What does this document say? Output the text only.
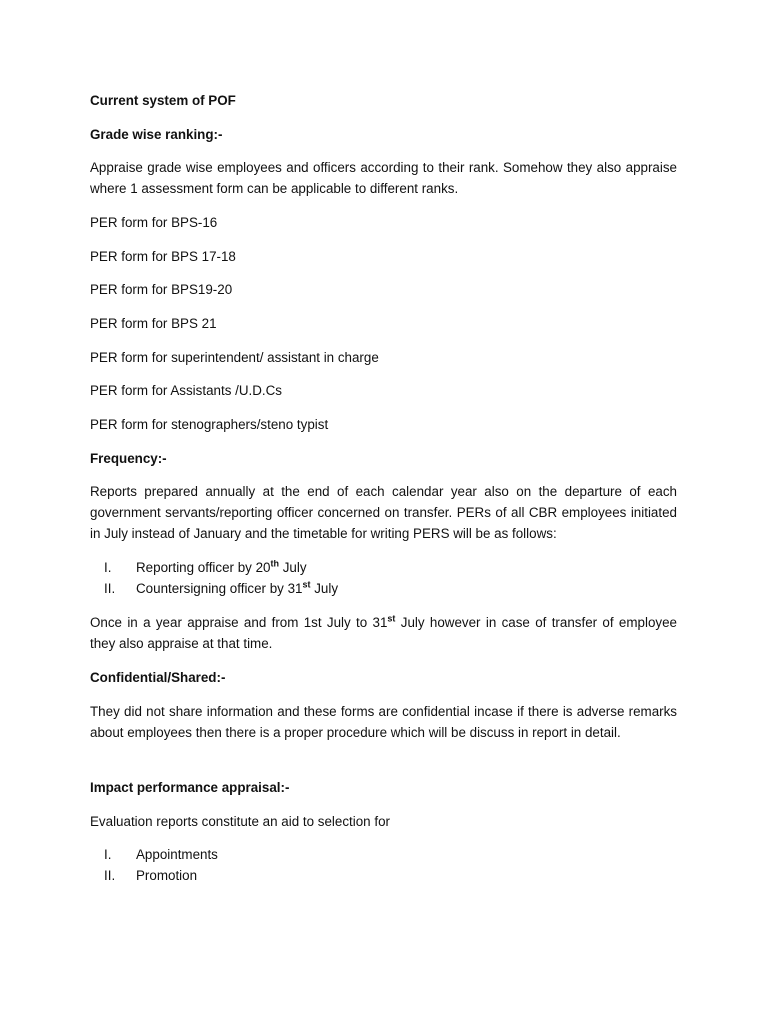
Current system of POF

Grade wise ranking:-

Appraise grade wise employees and officers according to their rank. Somehow they also appraise where 1 assessment form can be applicable to different ranks.

PER form for BPS-16

PER form for BPS 17-18

PER form for BPS19-20

PER form for BPS 21

PER form for superintendent/ assistant in charge

PER form for Assistants /U.D.Cs

PER form for stenographers/steno typist

Frequency:-

Reports prepared annually at the end of each calendar year also on the departure of each government servants/reporting officer concerned on transfer. PERs of all CBR employees initiated in July instead of January and the timetable for writing PERS will be as follows:

I. Reporting officer by 20th July
II. Countersigning officer by 31st July

Once in a year appraise and from 1st July to 31st July however in case of transfer of employee they also appraise at that time.

Confidential/Shared:-

They did not share information and these forms are confidential incase if there is adverse remarks about employees then there is a proper procedure which will be discuss in report in detail.

Impact performance appraisal:-

Evaluation reports constitute an aid to selection for

I. Appointments
II. Promotion
